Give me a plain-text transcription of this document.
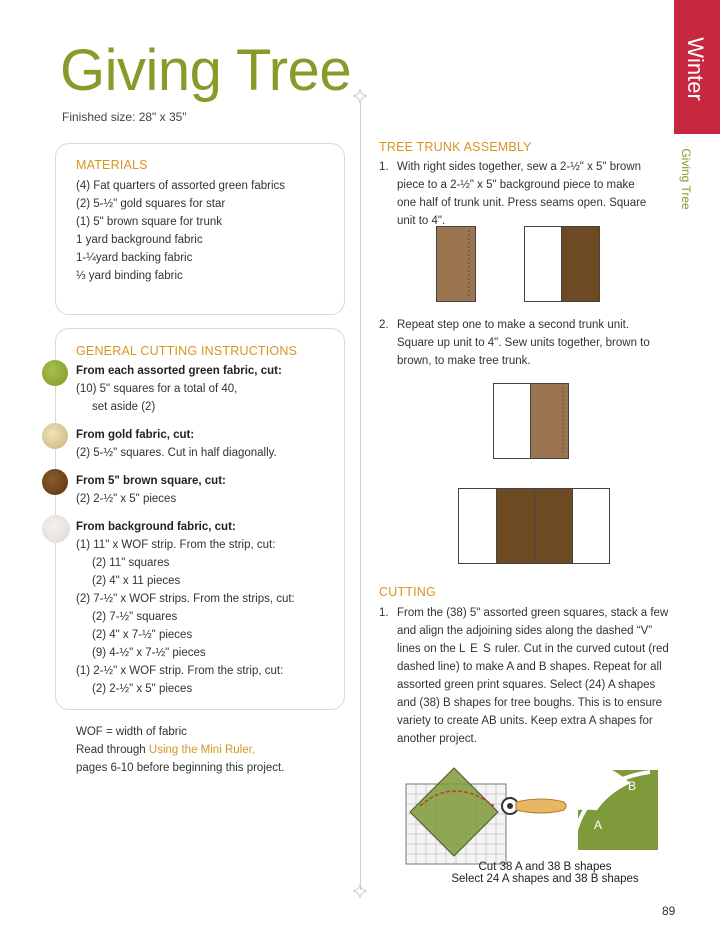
Giving Tree
Finished size: 28" x 35"
Winter
Giving Tree
MATERIALS
(4) Fat quarters of assorted green fabrics
(2) 5-½" gold squares for star
(1) 5" brown square for trunk
1 yard background fabric
1-¼yard backing fabric
⅓ yard binding fabric
GENERAL CUTTING INSTRUCTIONS
From each assorted green fabric, cut:
(10) 5" squares for a total of 40,
set aside (2)
From gold fabric, cut:
(2) 5-½" squares. Cut in half diagonally.
From 5" brown square, cut:
(2) 2-½" x 5" pieces
From background fabric, cut:
(1) 11" x WOF strip. From the strip, cut:
(2) 11" squares
(2) 4" x 11 pieces
(2) 7-½" x WOF strips. From the strips, cut:
(2) 7-½" squares
(2) 4" x 7-½" pieces
(9) 4-½" x 7-½" pieces
(1) 2-½" x WOF strip. From the strip, cut:
(2) 2-½" x 5" pieces
WOF = width of fabric
Read through Using the Mini Ruler,
pages 6-10 before beginning this project.
TREE TRUNK ASSEMBLY
1. With right sides together, sew a 2-½" x 5" brown piece to a 2-½" x 5" background piece to make one half of trunk unit. Press seams open. Square unit to 4".
2. Repeat step one to make a second trunk unit. Square up unit to 4". Sew units together, brown to brown, to make tree trunk.
CUTTING
1. From the (38) 5" assorted green squares, stack a few and align the adjoining sides along the dashed “V” lines on the L E S ruler. Cut in the curved cutout (red dashed line) to make A and B shapes. Repeat for all assorted green print squares. Select (24) A shapes and (38) B shapes for tree boughs. This is to ensure variety to create AB units. Keep extra A shapes for another project.
B
A
Cut 38 A and 38 B shapes
Select 24 A shapes and 38 B shapes
89
